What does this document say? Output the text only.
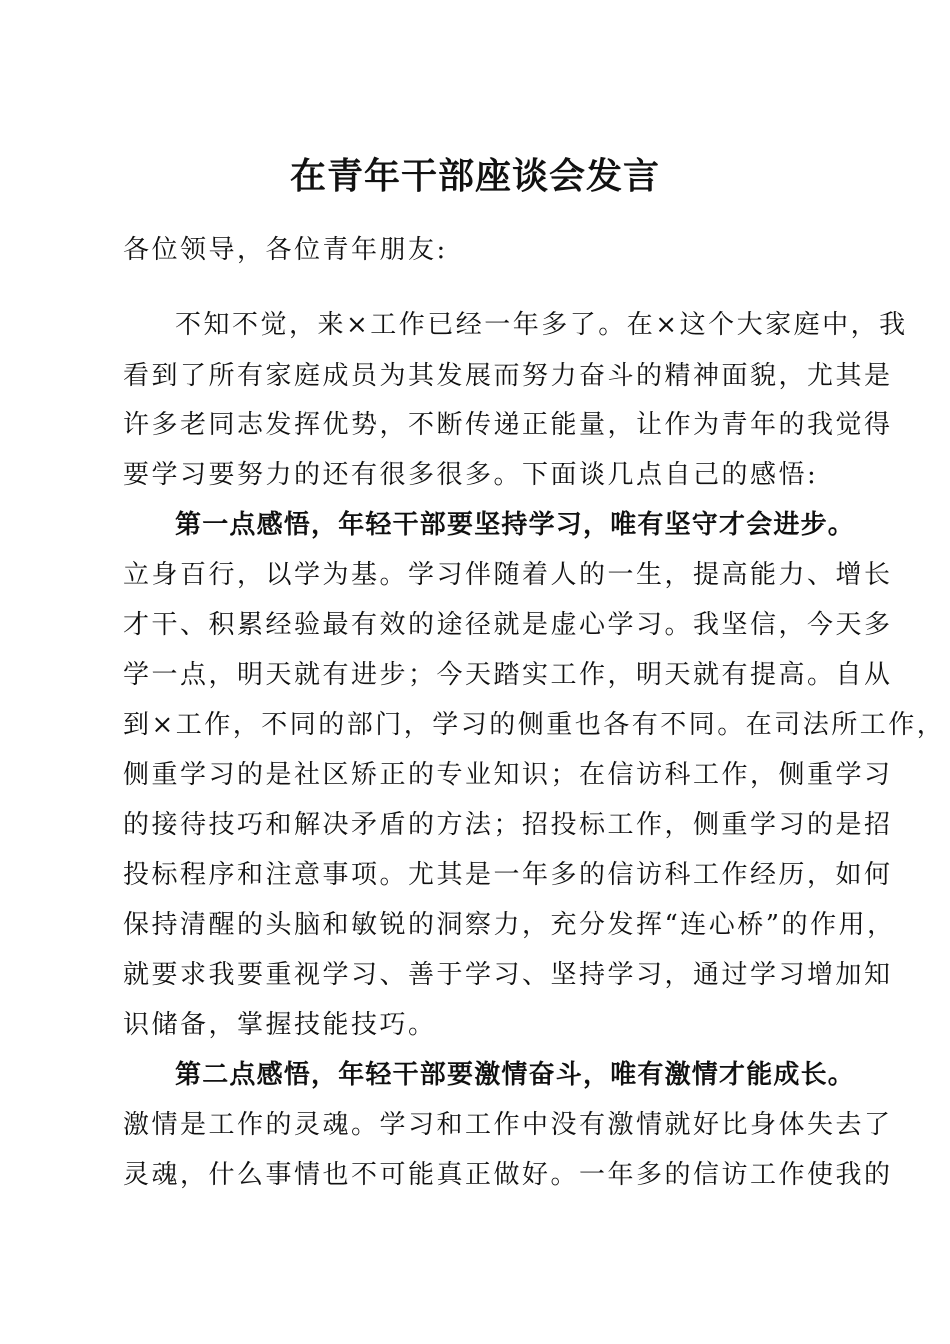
在青年干部座谈会发言
各位领导，各位青年朋友:
不知不觉，来×工作已经一年多了。在×这个大家庭中，我
看到了所有家庭成员为其发展而努力奋斗的精神面貌，尤其是
许多老同志发挥优势，不断传递正能量，让作为青年的我觉得
要学习要努力的还有很多很多。下面谈几点自己的感悟:
第一点感悟，年轻干部要坚持学习，唯有坚守才会进步。
立身百行，以学为基。学习伴随着人的一生，提高能力、增长
才干、积累经验最有效的途径就是虚心学习。我坚信，今天多
学一点，明天就有进步；今天踏实工作，明天就有提高。自从
到×工作，不同的部门，学习的侧重也各有不同。在司法所工作，
侧重学习的是社区矫正的专业知识；在信访科工作，侧重学习
的接待技巧和解决矛盾的方法；招投标工作，侧重学习的是招
投标程序和注意事项。尤其是一年多的信访科工作经历，如何
保持清醒的头脑和敏锐的洞察力，充分发挥“连心桥”的作用，
就要求我要重视学习、善于学习、坚持学习，通过学习增加知
识储备，掌握技能技巧。
第二点感悟，年轻干部要激情奋斗，唯有激情才能成长。
激情是工作的灵魂。学习和工作中没有激情就好比身体失去了
灵魂，什么事情也不可能真正做好。一年多的信访工作使我的
